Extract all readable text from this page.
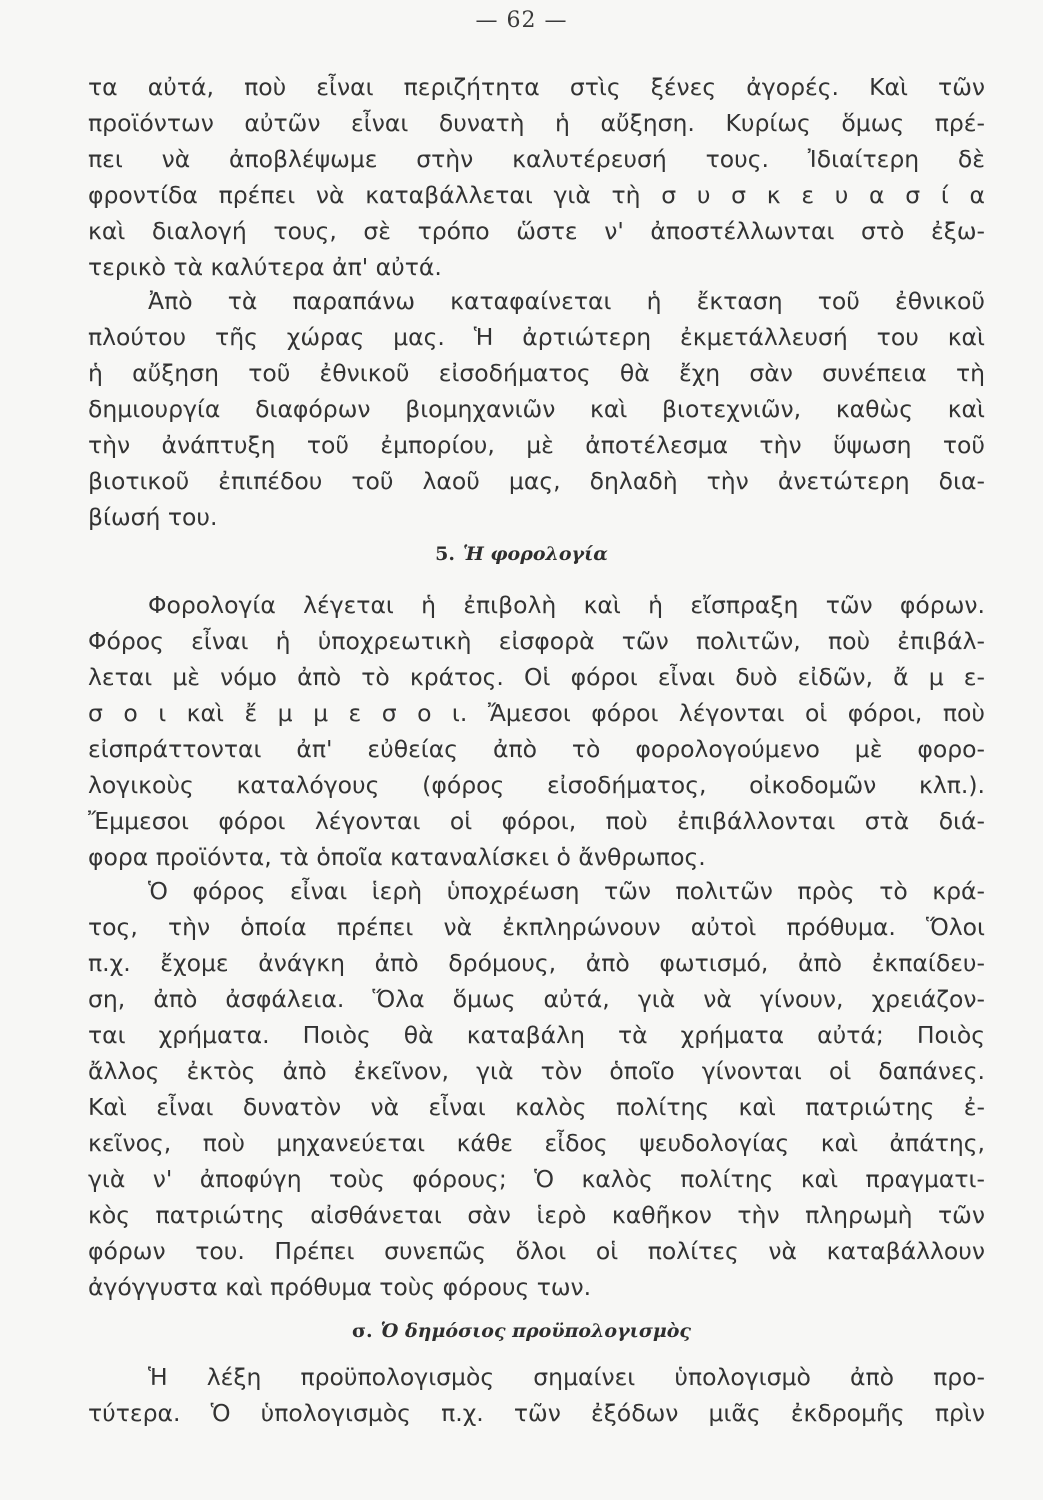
— 62 —
τα αὐτά, ποὺ εἶναι περιζήτητα στὶς ξένες ἀγορές. Καὶ τῶν
προϊόντων αὐτῶν εἶναι δυνατὴ ἡ αὔξηση. Κυρίως ὅμως πρέ-
πει νὰ ἀποβλέψωμε στὴν καλυτέρευσή τους. Ἰδιαίτερη δὲ
φροντίδα πρέπει νὰ καταβάλλεται γιὰ τὴ σ υ σ κ ε υ α σ ί α
καὶ διαλογή τους, σὲ τρόπο ὥστε ν' ἀποστέλλωνται στὸ ἐξω-
τερικὸ τὰ καλύτερα ἀπ' αὐτά.
Ἀπὸ τὰ παραπάνω καταφαίνεται ἡ ἔκταση τοῦ ἐθνικοῦ
πλούτου τῆς χώρας μας. Ἡ ἀρτιώτερη ἐκμετάλλευσή του καὶ
ἡ αὔξηση τοῦ ἐθνικοῦ εἰσοδήματος θὰ ἔχη σὰν συνέπεια τὴ
δημιουργία διαφόρων βιομηχανιῶν καὶ βιοτεχνιῶν, καθὼς καὶ
τὴν ἀνάπτυξη τοῦ ἐμπορίου, μὲ ἀποτέλεσμα τὴν ὕψωση τοῦ
βιοτικοῦ ἐπιπέδου τοῦ λαοῦ μας, δηλαδὴ τὴν ἀνετώτερη δια-
βίωσή του.
5. Ἡ φορολογία
Φορολογία λέγεται ἡ ἐπιβολὴ καὶ ἡ εἴσπραξη τῶν φόρων.
Φόρος εἶναι ἡ ὑποχρεωτικὴ εἰσφορὰ τῶν πολιτῶν, ποὺ ἐπιβάλ-
λεται μὲ νόμο ἀπὸ τὸ κράτος. Οἱ φόροι εἶναι δυὸ εἰδῶν, ἄ μ ε-
σ ο ι καὶ ἔ μ μ ε σ ο ι. Ἄμεσοι φόροι λέγονται οἱ φόροι, ποὺ
εἰσπράττονται ἀπ' εὐθείας ἀπὸ τὸ φορολογούμενο μὲ φορο-
λογικοὺς καταλόγους (φόρος εἰσοδήματος, οἰκοδομῶν κλπ.).
Ἔμμεσοι φόροι λέγονται οἱ φόροι, ποὺ ἐπιβάλλονται στὰ διά-
φορα προϊόντα, τὰ ὁποῖα καταναλίσκει ὁ ἄνθρωπος.
Ὁ φόρος εἶναι ἱερὴ ὑποχρέωση τῶν πολιτῶν πρὸς τὸ κρά-
τος, τὴν ὁποία πρέπει νὰ ἐκπληρώνουν αὐτοὶ πρόθυμα. Ὅλοι
π.χ. ἔχομε ἀνάγκη ἀπὸ δρόμους, ἀπὸ φωτισμό, ἀπὸ ἐκπαίδευ-
ση, ἀπὸ ἀσφάλεια. Ὅλα ὅμως αὐτά, γιὰ νὰ γίνουν, χρειάζον-
ται χρήματα. Ποιὸς θὰ καταβάλη τὰ χρήματα αὐτά; Ποιὸς
ἄλλος ἐκτὸς ἀπὸ ἐκεῖνον, γιὰ τὸν ὁποῖο γίνονται οἱ δαπάνες.
Καὶ εἶναι δυνατὸν νὰ εἶναι καλὸς πολίτης καὶ πατριώτης ἐ-
κεῖνος, ποὺ μηχανεύεται κάθε εἶδος ψευδολογίας καὶ ἀπάτης,
γιὰ ν' ἀποφύγη τοὺς φόρους; Ὁ καλὸς πολίτης καὶ πραγματι-
κὸς πατριώτης αἰσθάνεται σὰν ἱερὸ καθῆκον τὴν πληρωμὴ τῶν
φόρων του. Πρέπει συνεπῶς ὅλοι οἱ πολίτες νὰ καταβάλλουν
ἀγόγγυστα καὶ πρόθυμα τοὺς φόρους των.
σ. Ὁ δημόσιος προϋπολογισμὸς
Ἡ λέξη προϋπολογισμὸς σημαίνει ὑπολογισμὸ ἀπὸ προ-
τύτερα. Ὁ ὑπολογισμὸς π.χ. τῶν ἐξόδων μιᾶς ἐκδρομῆς πρὶν
